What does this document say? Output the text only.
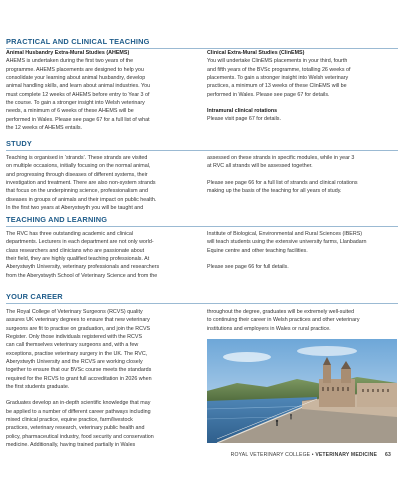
PRACTICAL AND CLINICAL TEACHING

Animal Husbandry Extra-Mural Studies (AHEMS)

AHEMS is undertaken during the first two years of the

programme. AHEMS placements are designed to help you

consolidate your learning about animal husbandry, develop

animal handling skills, and learn about animal industries. You

must complete 12 weeks of AHEMS before entry to Year 3 of

the course. To gain a stronger insight into Welsh veterinary

needs, a minimum of 6 weeks of these AHEMS will be

performed in Wales. Please see page 67 for a full list of what

the 12 weeks of AHEMS entails.

Clinical Extra-Mural Studies (ClinEMS)

You will undertake ClinEMS placements in your third, fourth

and fifth years of the BVSc programme, totalling 26 weeks of

placements. To gain a stronger insight into Welsh veterinary

practices, a minimum of 13 weeks of these ClinEMS will be

performed in Wales. Please see page 67 for details.

Intramural clinical rotations

Please visit page 67 for details.

STUDY

Teaching is organised in ‘strands’. These strands are visited

on multiple occasions, initially focusing on the normal animal,

and progressing through diseases of different systems, their

investigation and treatment. There are also non-system strands

that focus on the underpinning science, professionalism and

diseases in groups of animals and their impact on public health.

In the first two years at Aberystwyth you will be taught and

assessed on these strands in specific modules, while in year 3

at RVC all strands will be assessed together.

Please see page 66 for a full list of strands and clinical rotations

making up the basis of the teaching for all years of study.

TEACHING AND LEARNING

The RVC has three outstanding academic and clinical

departments. Lecturers in each department are not only world-

class researchers and clinicians who are passionate about

their field, they are highly qualified teaching professionals. At

Aberystwyth University, veterinary professionals and researchers

from the Aberystwyth School of Veterinary Science and from the

Institute of Biological, Environmental and Rural Sciences (IBERS)

will teach students using the extensive university farms, Llanbadarn

Equine centre and other teaching facilities.

Please see page 66 for full details.

YOUR CAREER

The Royal College of Veterinary Surgeons (RCVS) quality

assures UK veterinary degrees to ensure that new veterinary

surgeons are fit to practise on graduation, and join the RCVS

Register. Only those individuals registered with the RCVS

can call themselves veterinary surgeons and, with a few

exceptions, practise veterinary surgery in the UK. The RVC,

Aberystwyth University and the RCVS are working closely

together to ensure that our BVSc course meets the standards

required for the RCVS to grant full accreditation in 2026 when

the first students graduate.

Graduates develop an in-depth scientific knowledge that may

be applied to a number of different career pathways including

mixed clinical practice, equine practice, farm/livestock

practices, veterinary research, veterinary public health and

policy, pharmaceutical industry, food security and conservation

medicine. Additionally, having trained partially in Wales

throughout the degree, graduates will be extremely well-suited

to continuing their career in Welsh practices and other veterinary

institutions and employers in Wales or rural practice.

ROYAL VETERINARY COLLEGE • VETERINARY MEDICINE 63
